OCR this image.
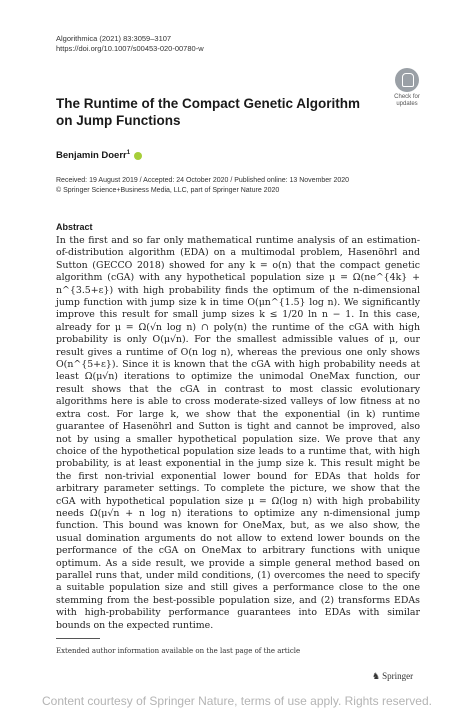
Algorithmica (2021) 83:3059–3107
https://doi.org/10.1007/s00453-020-00780-w
Check for
updates
The Runtime of the Compact Genetic Algorithm on Jump Functions
Benjamin Doerr$^1$
Received: 19 August 2019 / Accepted: 24 October 2020 / Published online: 13 November 2020
© Springer Science+Business Media, LLC, part of Springer Nature 2020
Abstract
In the first and so far only mathematical runtime analysis of an estimation-of-distribution algorithm (EDA) on a multimodal problem, Hasenöhrl and Sutton (GECCO 2018) showed for any k = o(n) that the compact genetic algorithm (cGA) with any hypothetical population size μ = Ω(ne^{4k} + n^{3.5+ε}) with high probability finds the optimum of the n-dimensional jump function with jump size k in time O(μn^{1.5} log n). We significantly improve this result for small jump sizes k ≤ 1/20 ln n − 1. In this case, already for μ = Ω(√n log n) ∩ poly(n) the runtime of the cGA with high probability is only O(μ√n). For the smallest admissible values of μ, our result gives a runtime of O(n log n), whereas the previous one only shows O(n^{5+ε}). Since it is known that the cGA with high probability needs at least Ω(μ√n) iterations to optimize the unimodal OneMax function, our result shows that the cGA in contrast to most classic evolutionary algorithms here is able to cross moderate-sized valleys of low fitness at no extra cost. For large k, we show that the exponential (in k) runtime guarantee of Hasenöhrl and Sutton is tight and cannot be improved, also not by using a smaller hypothetical population size. We prove that any choice of the hypothetical population size leads to a runtime that, with high probability, is at least exponential in the jump size k. This result might be the first non-trivial exponential lower bound for EDAs that holds for arbitrary parameter settings. To complete the picture, we show that the cGA with hypothetical population size μ = Ω(log n) with high probability needs Ω(μ√n + n log n) iterations to optimize any n-dimensional jump function. This bound was known for OneMax, but, as we also show, the usual domination arguments do not allow to extend lower bounds on the performance of the cGA on OneMax to arbitrary functions with unique optimum. As a side result, we provide a simple general method based on parallel runs that, under mild conditions, (1) overcomes the need to specify a suitable population size and still gives a performance close to the one stemming from the best-possible population size, and (2) transforms EDAs with high-probability performance guarantees into EDAs with similar bounds on the expected runtime.
Extended author information available on the last page of the article
♞ Springer
Content courtesy of Springer Nature, terms of use apply. Rights reserved.
